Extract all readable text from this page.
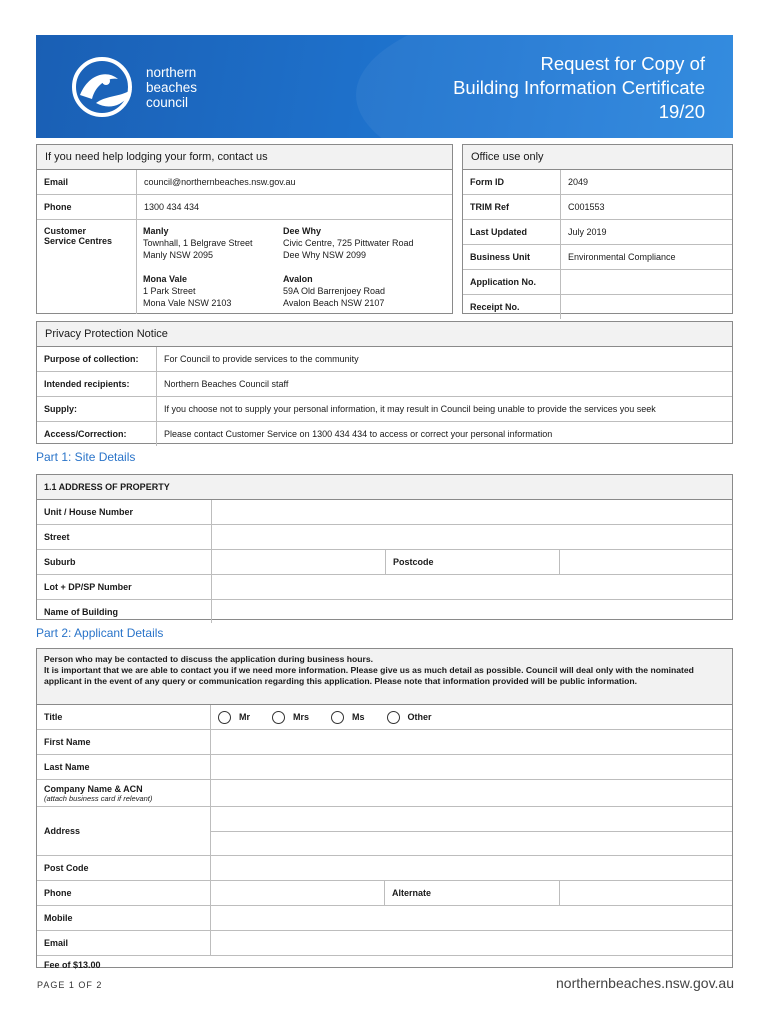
northern
beaches
council
Request for Copy of
Building Information Certificate
19/20
If you need help lodging your form, contact us
Email	council@northernbeaches.nsw.gov.au
Phone	1300 434 434
Customer
Service Centres
Manly
Townhall, 1 Belgrave Street
Manly NSW 2095
Dee Why
Civic Centre, 725 Pittwater Road
Dee Why NSW 2099
Mona Vale
1 Park Street
Mona Vale NSW 2103
Avalon
59A Old Barrenjoey Road
Avalon Beach NSW 2107
Office use only
Form ID	2049
TRIM Ref	C001553
Last Updated	July 2019
Business Unit	Environmental Compliance
Application No.
Receipt No.
Privacy Protection Notice
Purpose of collection:	For Council to provide services to the community
Intended recipients:	Northern Beaches Council staff
Supply:	If you choose not to supply your personal information, it may result in Council being unable to provide the services you seek
Access/Correction:	Please contact Customer Service on 1300 434 434 to access or correct your personal information
Part 1: Site Details
1.1 ADDRESS OF PROPERTY
Unit / House Number
Street
Suburb	Postcode
Lot + DP/SP Number
Name of Building
Part 2: Applicant Details
Person who may be contacted to discuss the application during business hours.
It is important that we are able to contact you if we need more information. Please give us as much detail as possible. Council will deal only with the nominated applicant in the event of any query or communication regarding this application. Please note that information provided will be public information.
Title	Mr	Mrs	Ms	Other
First Name
Last Name
Company Name & ACN
(attach business card if relevant)
Address
Post Code
Phone	Alternate
Mobile
Email
Fee of $13.00
PAGE 1 OF 2	northernbeaches.nsw.gov.au
